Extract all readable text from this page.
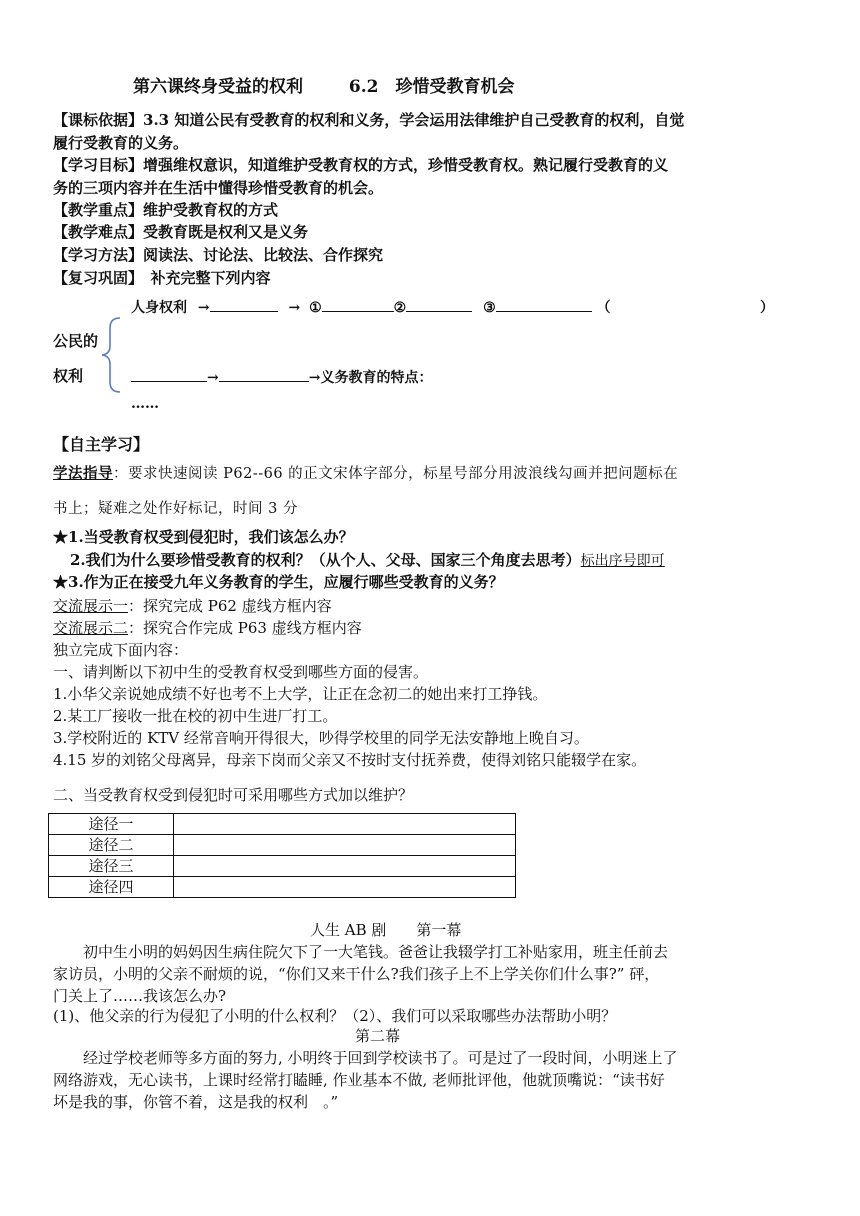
第六课终身受益的权利	6.2　珍惜受教育机会
【课标依据】3.3 知道公民有受教育的权利和义务，学会运用法律维护自己受教育的权利，自觉
履行受教育的义务。
【学习目标】增强维权意识，知道维护受教育权的方式，珍惜受教育权。熟记履行受教育的义
务的三项内容并在生活中懂得珍惜受教育的机会。
【教学重点】维护受教育权的方式
【教学难点】受教育既是权利又是义务
【学习方法】阅读法、讨论法、比较法、合作探究
【复习巩固】　补充完整下列内容
公民的
权利
人身权利 →	→ ①	②	③	（	）
→	→义务教育的特点：
……
【自主学习】
学法指导：要求快速阅读 P62--66 的正文宋体字部分，标星号部分用波浪线勾画并把问题标在
书上；疑难之处作好标记，时间 3 分
★1.当受教育权受到侵犯时，我们该怎么办？
2.我们为什么要珍惜受教育的权利？（从个人、父母、国家三个角度去思考）标出序号即可
★3.作为正在接受九年义务教育的学生，应履行哪些受教育的义务？
交流展示一：探究完成 P62 虚线方框内容
交流展示二：探究合作完成 P63 虚线方框内容
独立完成下面内容：
一、请判断以下初中生的受教育权受到哪些方面的侵害。
1.小华父亲说她成绩不好也考不上大学，让正在念初二的她出来打工挣钱。
2.某工厂接收一批在校的初中生进厂打工。
3.学校附近的 KTV 经常音响开得很大，吵得学校里的同学无法安静地上晚自习。
4.15 岁的刘铭父母离异，母亲下岗而父亲又不按时支付抚养费，使得刘铭只能辍学在家。
二、当受教育权受到侵犯时可采用哪些方式加以维护？
途径一	
途径二	
途径三	
途径四	
人生 AB 剧　　第一幕
　　初中生小明的妈妈因生病住院欠下了一大笔钱。爸爸让我辍学打工补贴家用，班主任前去
家访员，小明的父亲不耐烦的说，“你们又来干什么?我们孩子上不上学关你们什么事?” 砰，
门关上了……我该怎么办?
(1)、他父亲的行为侵犯了小明的什么权利？（2）、我们可以采取哪些办法帮助小明？
第二幕
　　经过学校老师等多方面的努力, 小明终于回到学校读书了。可是过了一段时间，小明迷上了
网络游戏，无心读书，上课时经常打瞌睡, 作业基本不做, 老师批评他，他就顶嘴说：“读书好
坏是我的事，你管不着，这是我的权利　。”
